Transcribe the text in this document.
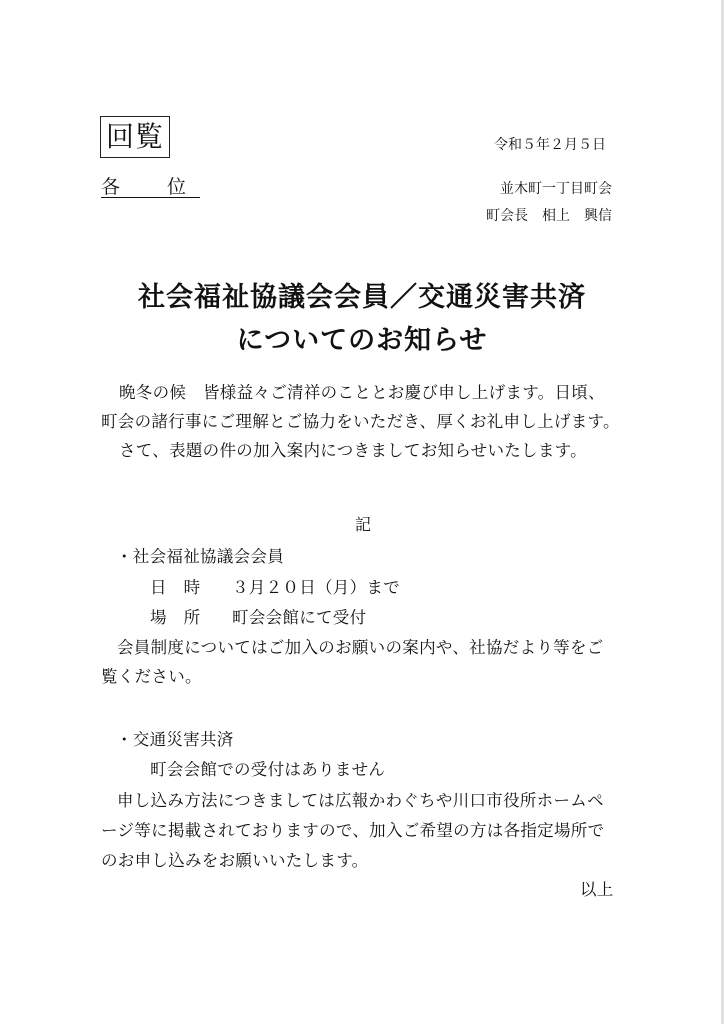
回覧	令和５年２月５日
各　位	並木町一丁目町会
町会長　相上　興信
社会福祉協議会会員／交通災害共済
についてのお知らせ
晩冬の候　皆様益々ご清祥のこととお慶び申し上げます。日頃、
町会の諸行事にご理解とご協力をいただき、厚くお礼申し上げます。
さて、表題の件の加入案内につきましてお知らせいたします。
記
・社会福祉協議会会員
日　時 ３月２０日（月）まで
場　所 町会会館にて受付
会員制度についてはご加入のお願いの案内や、社協だより等をご
覧ください。
・交通災害共済
町会会館での受付はありません
申し込み方法につきましては広報かわぐちや川口市役所ホームペ
ージ等に掲載されておりますので、加入ご希望の方は各指定場所で
のお申し込みをお願いいたします。
以上
